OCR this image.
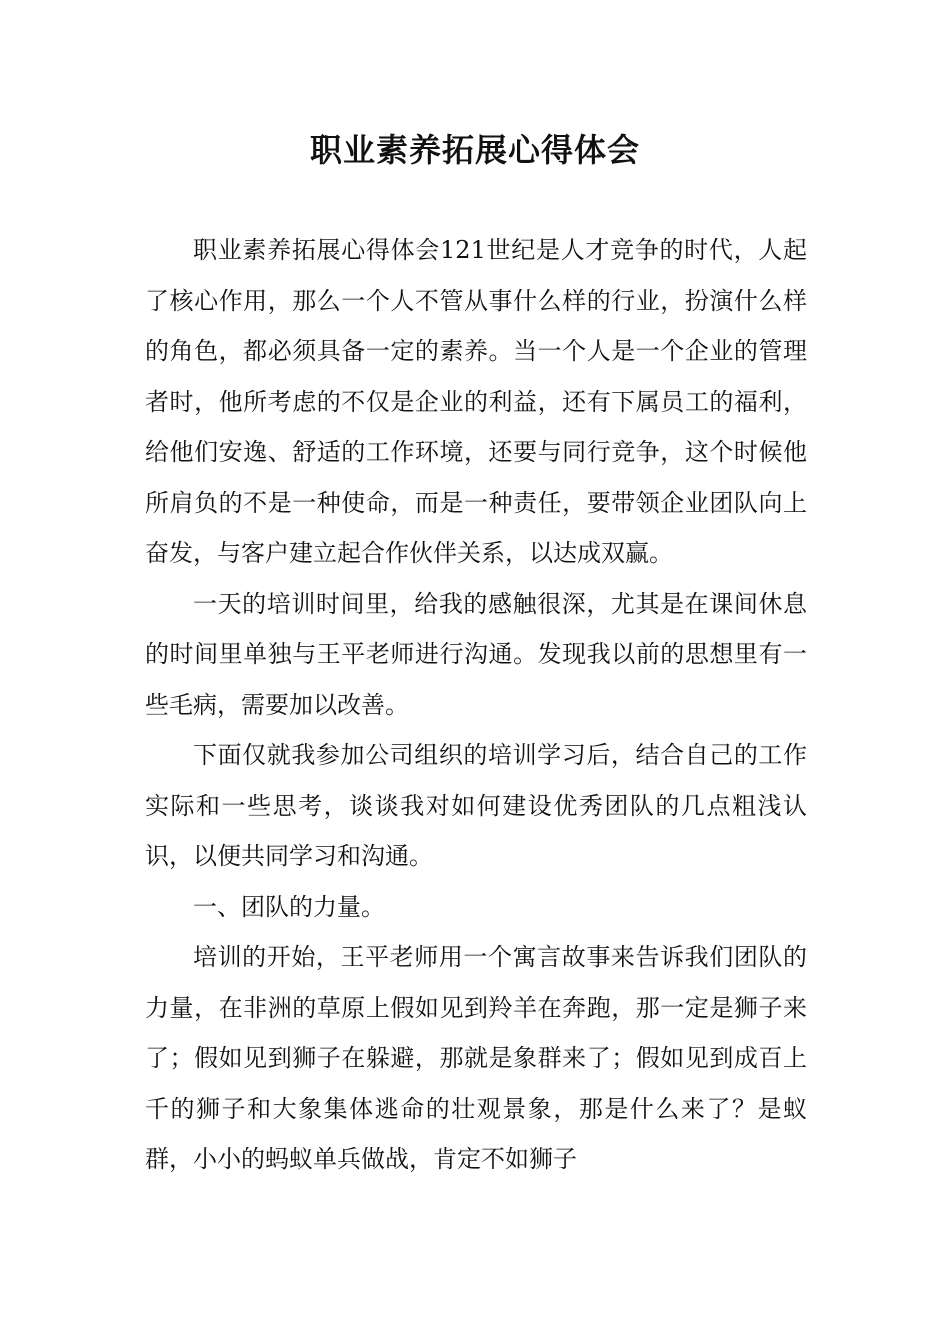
职业素养拓展心得体会

职业素养拓展心得体会121世纪是人才竞争的时代，人起了核心作用，那么一个人不管从事什么样的行业，扮演什么样的角色，都必须具备一定的素养。当一个人是一个企业的管理者时，他所考虑的不仅是企业的利益，还有下属员工的福利，给他们安逸、舒适的工作环境，还要与同行竞争，这个时候他所肩负的不是一种使命，而是一种责任，要带领企业团队向上奋发，与客户建立起合作伙伴关系，以达成双赢。

一天的培训时间里，给我的感触很深，尤其是在课间休息的时间里单独与王平老师进行沟通。发现我以前的思想里有一些毛病，需要加以改善。

下面仅就我参加公司组织的培训学习后，结合自己的工作实际和一些思考，谈谈我对如何建设优秀团队的几点粗浅认识，以便共同学习和沟通。

一、团队的力量。

培训的开始，王平老师用一个寓言故事来告诉我们团队的力量，在非洲的草原上假如见到羚羊在奔跑，那一定是狮子来了；假如见到狮子在躲避，那就是象群来了；假如见到成百上千的狮子和大象集体逃命的壮观景象，那是什么来了？是蚁群，小小的蚂蚁单兵做战，肯定不如狮子
